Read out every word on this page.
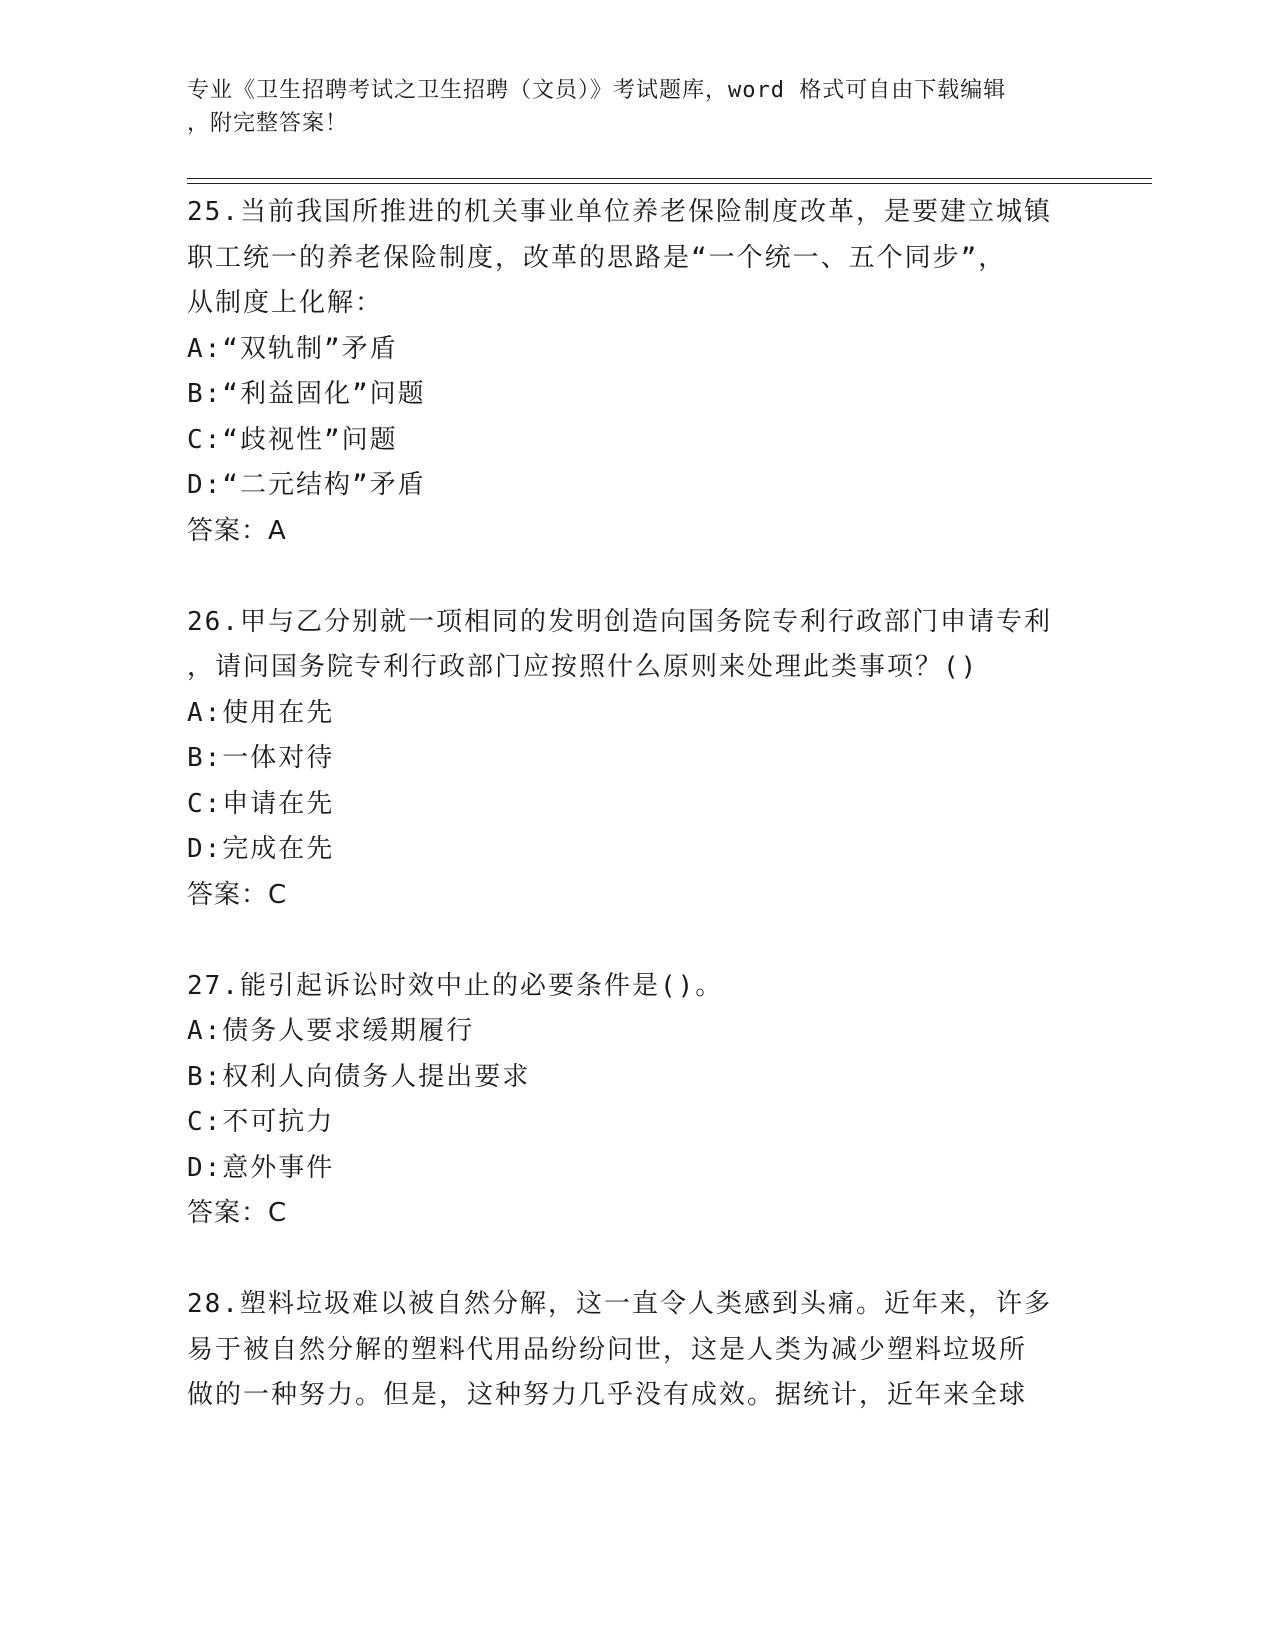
专业《卫生招聘考试之卫生招聘（文员）》考试题库，word 格式可自由下载编辑
，附完整答案！
25.当前我国所推进的机关事业单位养老保险制度改革，是要建立城镇
职工统一的养老保险制度，改革的思路是“一个统一、五个同步”，
从制度上化解：
A:“双轨制”矛盾
B:“利益固化”问题
C:“歧视性”问题
D:“二元结构”矛盾
答案：A
26.甲与乙分别就一项相同的发明创造向国务院专利行政部门申请专利
，请问国务院专利行政部门应按照什么原则来处理此类事项？()
A:使用在先
B:一体对待
C:申请在先
D:完成在先
答案：C
27.能引起诉讼时效中止的必要条件是()。
A:债务人要求缓期履行
B:权利人向债务人提出要求
C:不可抗力
D:意外事件
答案：C
28.塑料垃圾难以被自然分解，这一直令人类感到头痛。近年来，许多
易于被自然分解的塑料代用品纷纷问世，这是人类为减少塑料垃圾所
做的一种努力。但是，这种努力几乎没有成效。据统计，近年来全球
